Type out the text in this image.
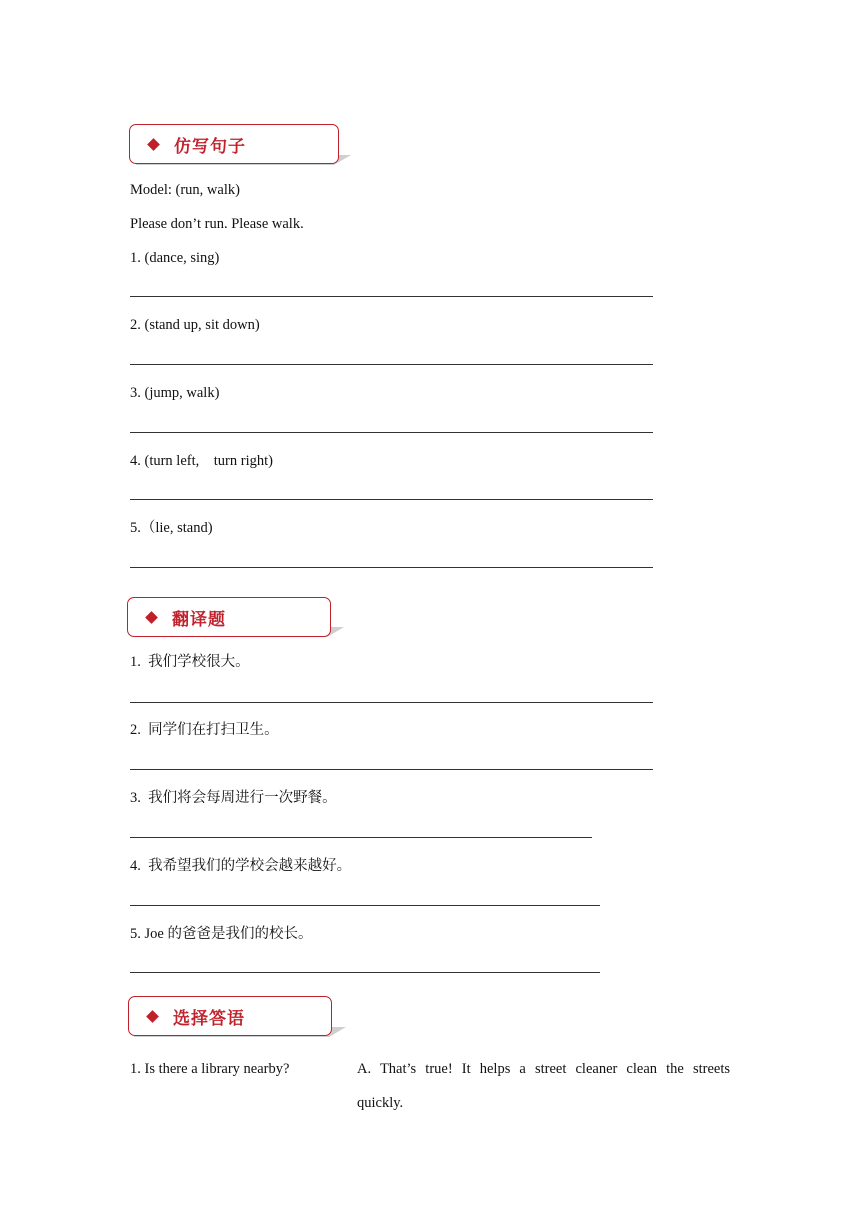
仿写句子
Model: (run, walk)
Please don’t run. Please walk.
1. (dance, sing)
2. (stand up, sit down)
3. (jump, walk)
4. (turn left,    turn right)
5.（lie, stand)
翻译题
1.  我们学校很大。
2.  同学们在打扫卫生。
3.  我们将会每周进行一次野餐。
4.  我希望我们的学校会越来越好。
5. Joe 的爸爸是我们的校长。
选择答语
1. Is there a library nearby?	A. That’s true! It helps a street cleaner clean the streets
quickly.
